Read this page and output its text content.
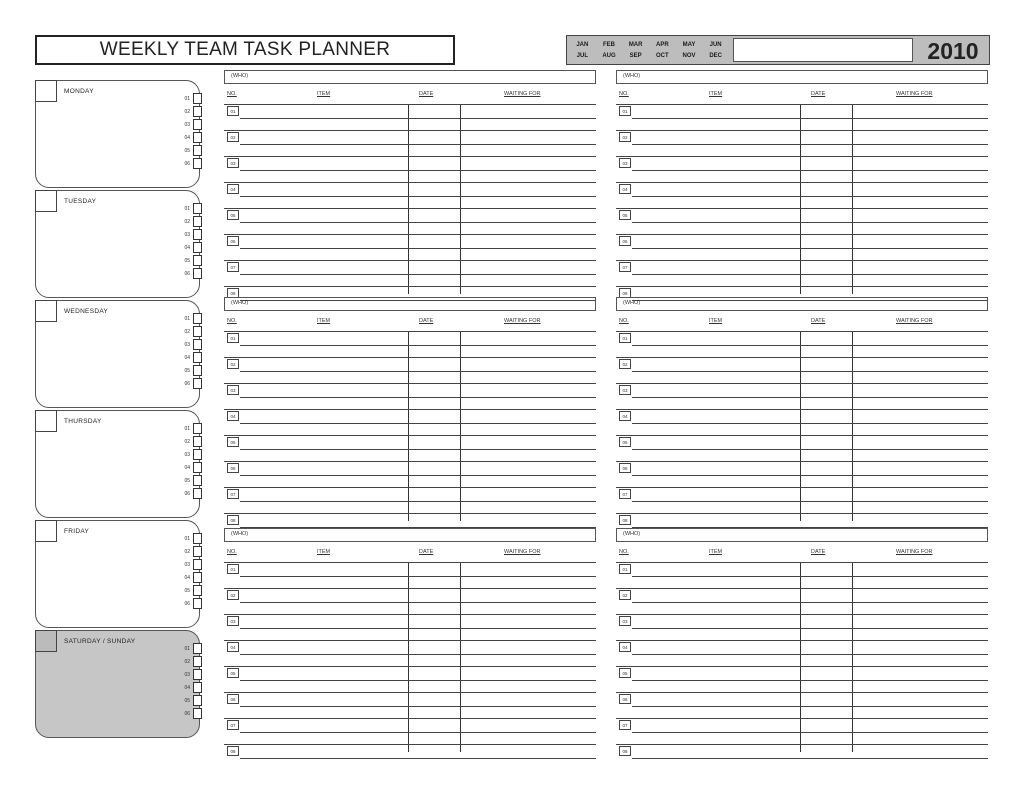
WEEKLY TEAM TASK PLANNER	JAN	FEB	MAR	APR	MAY	JUN
JUL	AUG	SEP	OCT	NOV	DEC	2010
MONDAY
01
02
03
04
05
06
TUESDAY
01
02
03
04
05
06
WEDNESDAY
01
02
03
04
05
06
THURSDAY
01
02
03
04
05
06
FRIDAY
01
02
03
04
05
06
SATURDAY / SUNDAY
01
02
03
04
05
06
(WHO)
NO.	ITEM	DATE	WAITING FOR
01
02
03
04
05
06
07
08
(WHO)
NO.	ITEM	DATE	WAITING FOR
01
02
03
04
05
06
07
08
(WHO)
NO.	ITEM	DATE	WAITING FOR
01
02
03
04
05
06
07
08
(WHO)
NO.	ITEM	DATE	WAITING FOR
01
02
03
04
05
06
07
08
(WHO)
NO.	ITEM	DATE	WAITING FOR
01
02
03
04
05
06
07
08
(WHO)
NO.	ITEM	DATE	WAITING FOR
01
02
03
04
05
06
07
08
